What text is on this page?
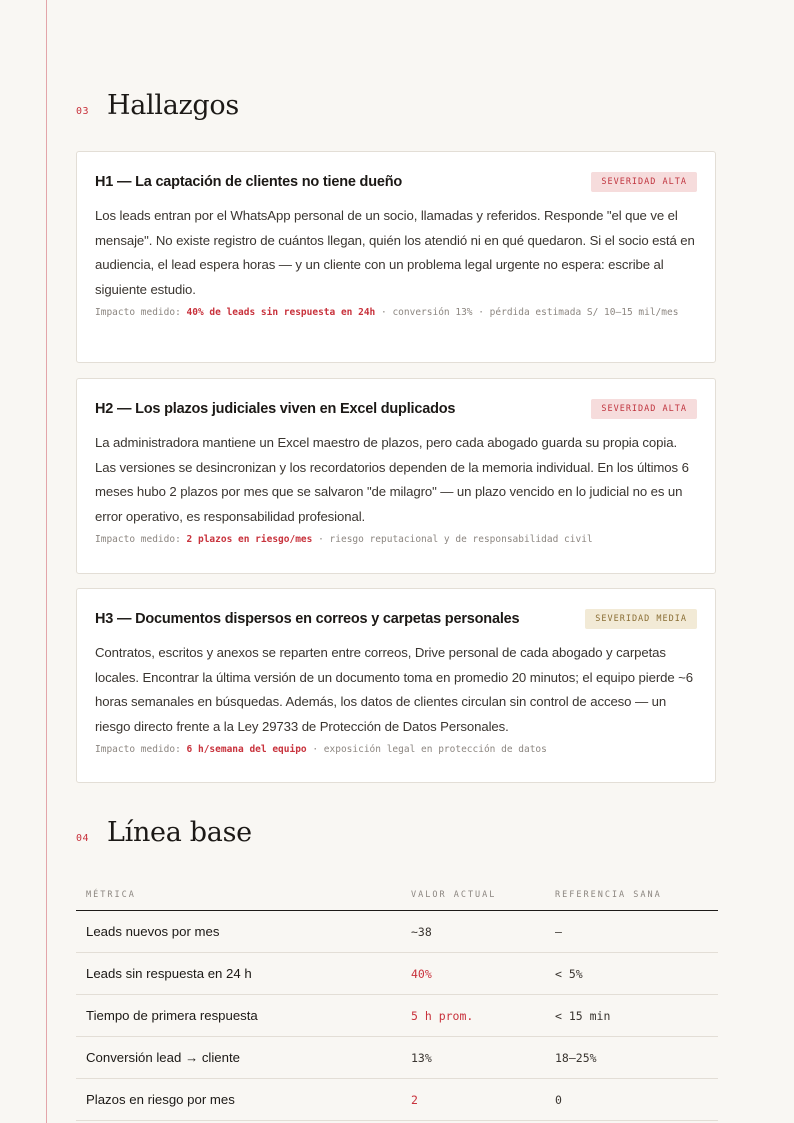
03 Hallazgos
H1 — La captación de clientes no tiene dueño	SEVERIDAD ALTA
Los leads entran por el WhatsApp personal de un socio, llamadas y referidos. Responde "el que ve el mensaje". No existe registro de cuántos llegan, quién los atendió ni en qué quedaron. Si el socio está en audiencia, el lead espera horas — y un cliente con un problema legal urgente no espera: escribe al siguiente estudio.
Impacto medido: 40% de leads sin respuesta en 24h · conversión 13% · pérdida estimada S/ 10–15 mil/mes
H2 — Los plazos judiciales viven en Excel duplicados	SEVERIDAD ALTA
La administradora mantiene un Excel maestro de plazos, pero cada abogado guarda su propia copia. Las versiones se desincronizan y los recordatorios dependen de la memoria individual. En los últimos 6 meses hubo 2 plazos por mes que se salvaron "de milagro" — un plazo vencido en lo judicial no es un error operativo, es responsabilidad profesional.
Impacto medido: 2 plazos en riesgo/mes · riesgo reputacional y de responsabilidad civil
H3 — Documentos dispersos en correos y carpetas personales	SEVERIDAD MEDIA
Contratos, escritos y anexos se reparten entre correos, Drive personal de cada abogado y carpetas locales. Encontrar la última versión de un documento toma en promedio 20 minutos; el equipo pierde ~6 horas semanales en búsquedas. Además, los datos de clientes circulan sin control de acceso — un riesgo directo frente a la Ley 29733 de Protección de Datos Personales.
Impacto medido: 6 h/semana del equipo · exposición legal en protección de datos
04 Línea base
MÉTRICA	VALOR ACTUAL	REFERENCIA SANA
Leads nuevos por mes	~38	—
Leads sin respuesta en 24 h	40%	< 5%
Tiempo de primera respuesta	5 h prom.	< 15 min
Conversión lead → cliente	13%	18–25%
Plazos en riesgo por mes	2	0
